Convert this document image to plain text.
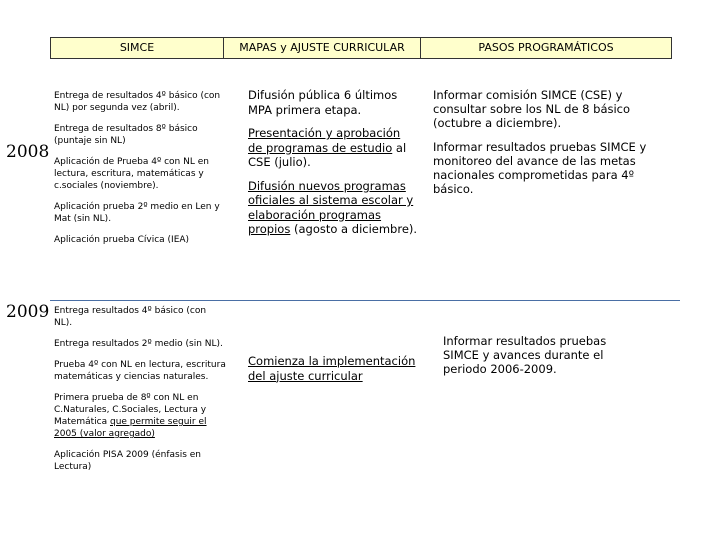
SIMCE	MAPAS y AJUSTE CURRICULAR	PASOS PROGRAMÁTICOS
2008

Entrega de resultados 4º básico (con NL) por segunda vez (abril).

Entrega de resultados 8º básico (puntaje sin NL)

Aplicación de Prueba 4º con NL en lectura, escritura, matemáticas y c.sociales (noviembre).

Aplicación prueba 2º medio en Len y Mat (sin NL).

Aplicación prueba Cívica (IEA)

Difusión pública 6 últimos MPA primera etapa.

Presentación y aprobación de programas de estudio al CSE (julio).

Difusión nuevos programas oficiales al sistema escolar y elaboración programas propios (agosto a diciembre).

Informar comisión SIMCE (CSE) y consultar sobre los NL de 8 básico (octubre a diciembre).

Informar resultados pruebas SIMCE y monitoreo del avance de las metas nacionales comprometidas para 4º básico.

2009 Entrega resultados 4º básico (con NL).

Entrega resultados 2º medio (sin NL).

Prueba 4º con NL en lectura, escritura matemáticas y ciencias naturales.

Primera prueba de 8º con NL en C.Naturales, C.Sociales, Lectura y Matemática que permite seguir el 2005 (valor agregado)

Aplicación PISA 2009 (énfasis en Lectura)

Comienza la implementación del ajuste curricular

Informar resultados pruebas SIMCE y avances durante el periodo 2006-2009.
